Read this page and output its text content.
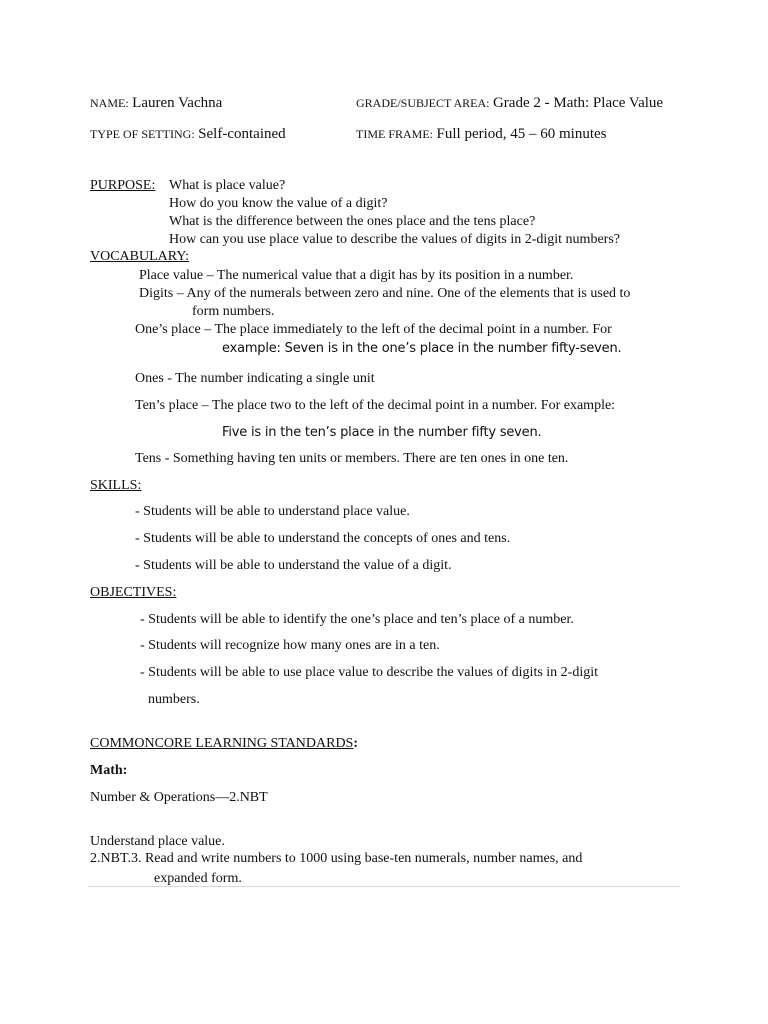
NAME: Lauren Vachna	GRADE/SUBJECT AREA: Grade 2 - Math: Place Value
TYPE OF SETTING: Self-contained	TIME FRAME: Full period, 45 – 60 minutes
PURPOSE: What is place value?
How do you know the value of a digit?
What is the difference between the ones place and the tens place?
How can you use place value to describe the values of digits in 2-digit numbers?
VOCABULARY:
Place value – The numerical value that a digit has by its position in a number.
Digits – Any of the numerals between zero and nine. One of the elements that is used to
form numbers.
One’s place – The place immediately to the left of the decimal point in a number. For
example: Seven is in the one’s place in the number fifty-seven.
Ones - The number indicating a single unit
Ten’s place – The place two to the left of the decimal point in a number. For example:
Five is in the ten’s place in the number fifty seven.
Tens - Something having ten units or members. There are ten ones in one ten.
SKILLS:
- Students will be able to understand place value.
- Students will be able to understand the concepts of ones and tens.
- Students will be able to understand the value of a digit.
OBJECTIVES:
- Students will be able to identify the one’s place and ten’s place of a number.
- Students will recognize how many ones are in a ten.
- Students will be able to use place value to describe the values of digits in 2-digit
numbers.
COMMONCORE LEARNING STANDARDS:
Math:
Number & Operations—2.NBT
Understand place value.
2.NBT.3. Read and write numbers to 1000 using base-ten numerals, number names, and
expanded form.
